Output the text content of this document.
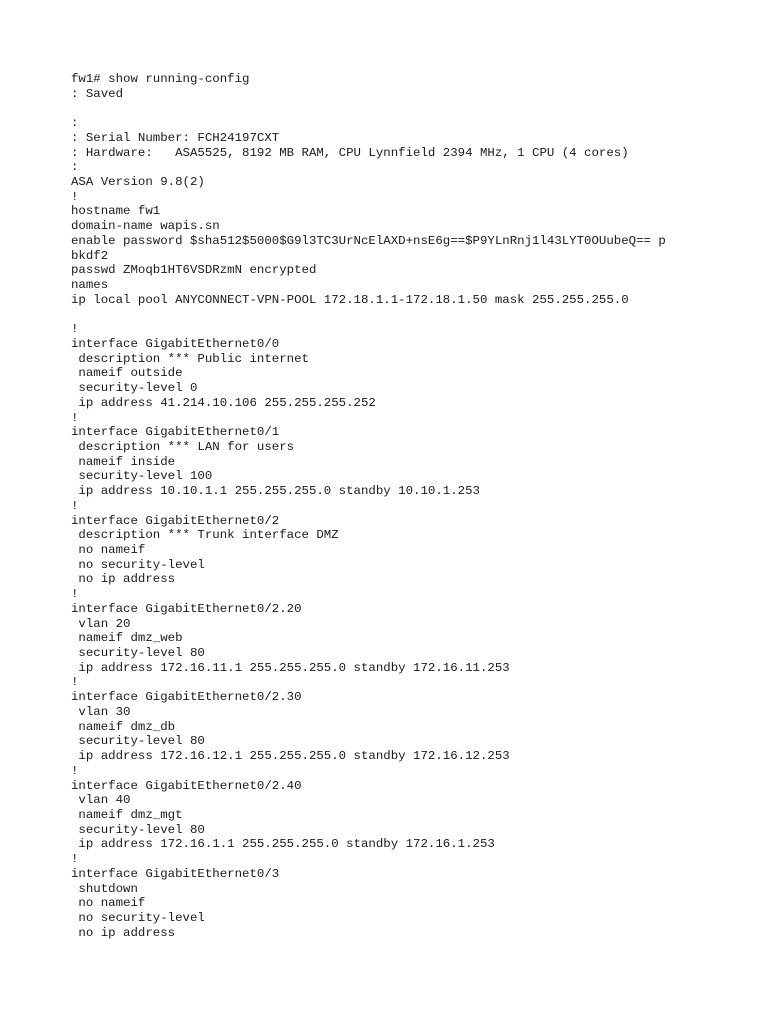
fw1# show running-config
: Saved
:
: Serial Number: FCH24197CXT
: Hardware:   ASA5525, 8192 MB RAM, CPU Lynnfield 2394 MHz, 1 CPU (4 cores)
:
ASA Version 9.8(2)
!
hostname fw1
domain-name wapis.sn
enable password $sha512$5000$G9l3TC3UrNcElAXD+nsE6g==$P9YLnRnj1l43LYT0OUubeQ== p
bkdf2
passwd ZMoqb1HT6VSDRzmN encrypted
names
ip local pool ANYCONNECT-VPN-POOL 172.18.1.1-172.18.1.50 mask 255.255.255.0
!
interface GigabitEthernet0/0
description *** Public internet
nameif outside
security-level 0
ip address 41.214.10.106 255.255.255.252
!
interface GigabitEthernet0/1
description *** LAN for users
nameif inside
security-level 100
ip address 10.10.1.1 255.255.255.0 standby 10.10.1.253
!
interface GigabitEthernet0/2
description *** Trunk interface DMZ
no nameif
no security-level
no ip address
!
interface GigabitEthernet0/2.20
vlan 20
nameif dmz_web
security-level 80
ip address 172.16.11.1 255.255.255.0 standby 172.16.11.253
!
interface GigabitEthernet0/2.30
vlan 30
nameif dmz_db
security-level 80
ip address 172.16.12.1 255.255.255.0 standby 172.16.12.253
!
interface GigabitEthernet0/2.40
vlan 40
nameif dmz_mgt
security-level 80
ip address 172.16.1.1 255.255.255.0 standby 172.16.1.253
!
interface GigabitEthernet0/3
shutdown
no nameif
no security-level
no ip address
